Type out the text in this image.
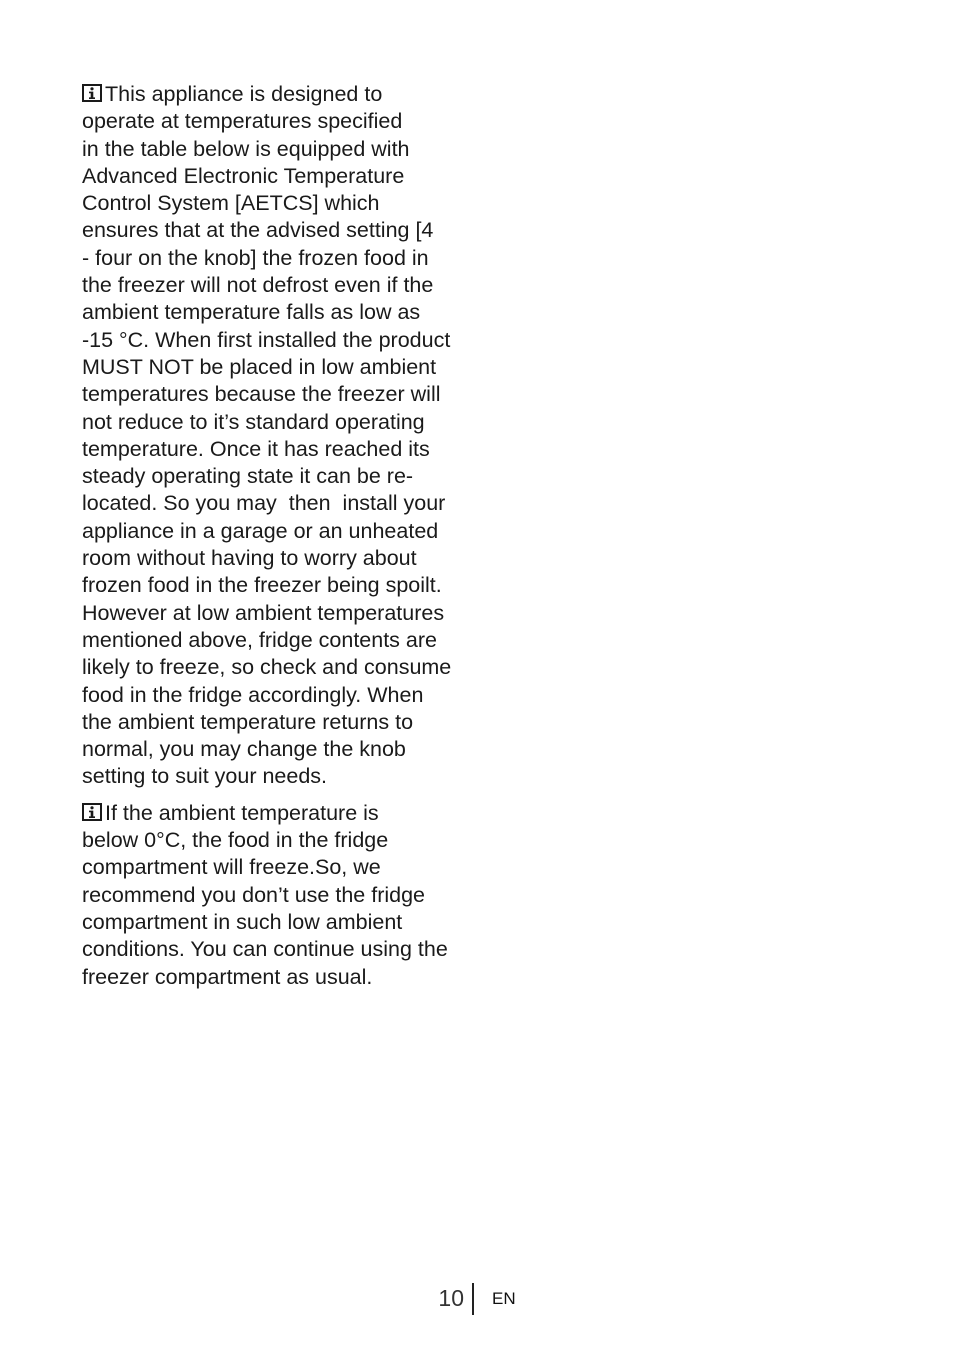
This appliance is designed to
operate at temperatures specified
in the table below is equipped with
Advanced Electronic Temperature
Control System [AETCS] which
ensures that at the advised setting [4
- four on the knob] the frozen food in
the freezer will not defrost even if the
ambient temperature falls as low as
-15 °C. When first installed the product
MUST NOT be placed in low ambient
temperatures because the freezer will
not reduce to it’s standard operating
temperature. Once it has reached its
steady operating state it can be re-
located. So you may  then  install your
appliance in a garage or an unheated
room without having to worry about
frozen food in the freezer being spoilt.
However at low ambient temperatures
mentioned above, fridge contents are
likely to freeze, so check and consume
food in the fridge accordingly. When
the ambient temperature returns to
normal, you may change the knob
setting to suit your needs.
If the ambient temperature is
below 0°C, the food in the fridge
compartment will freeze.So, we
recommend you don’t use the fridge
compartment in such low ambient
conditions. You can continue using the
freezer compartment as usual.
10 EN
